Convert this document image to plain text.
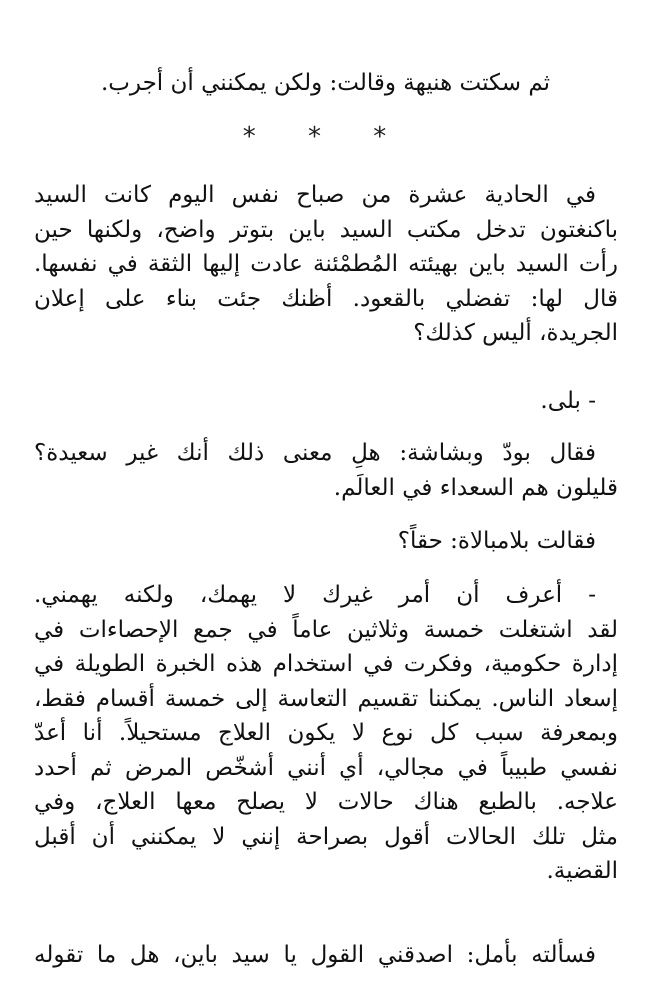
ثم سكتت هنيهة وقالت: ولكن يمكنني أن أجرب.

* * *
في الحادية عشرة من صباح نفس اليوم كانت السيد
باكنغتون تدخل مكتب السيد باين بتوتر واضح، ولكنها حين
رأت السيد باين بهيئته المُطمْئنة عادت إليها الثقة في نفسها.
قال لها: تفضلي بالقعود. أظنك جئت بناء على إعلان
الجريدة، أليس كذلك؟
- بلى.
فقال بودّ وبشاشة: هلِ معنى ذلك أنك غير سعيدة؟
قليلون هم السعداء في العالَم.
فقالت بلامبالاة: حقاً؟
- أعرف أن أمر غيرك لا يهمك، ولكنه يهمني.
لقد اشتغلت خمسة وثلاثين عاماً في جمع الإحصاءات في
إدارة حكومية، وفكرت في استخدام هذه الخبرة الطويلة في
إسعاد الناس. يمكننا تقسيم التعاسة إلى خمسة أقسام فقط،
وبمعرفة سبب كل نوع لا يكون العلاج مستحيلاً. أنا أعدّ
نفسي طبيباً في مجالي، أي أنني أشخّص المرض ثم أحدد
علاجه. بالطبع هناك حالات لا يصلح معها العلاج، وفي
مثل تلك الحالات أقول بصراحة إنني لا يمكنني أن أقبل
القضية.
فسألته بأمل: اصدقني القول يا سيد باين، هل ما تقوله
